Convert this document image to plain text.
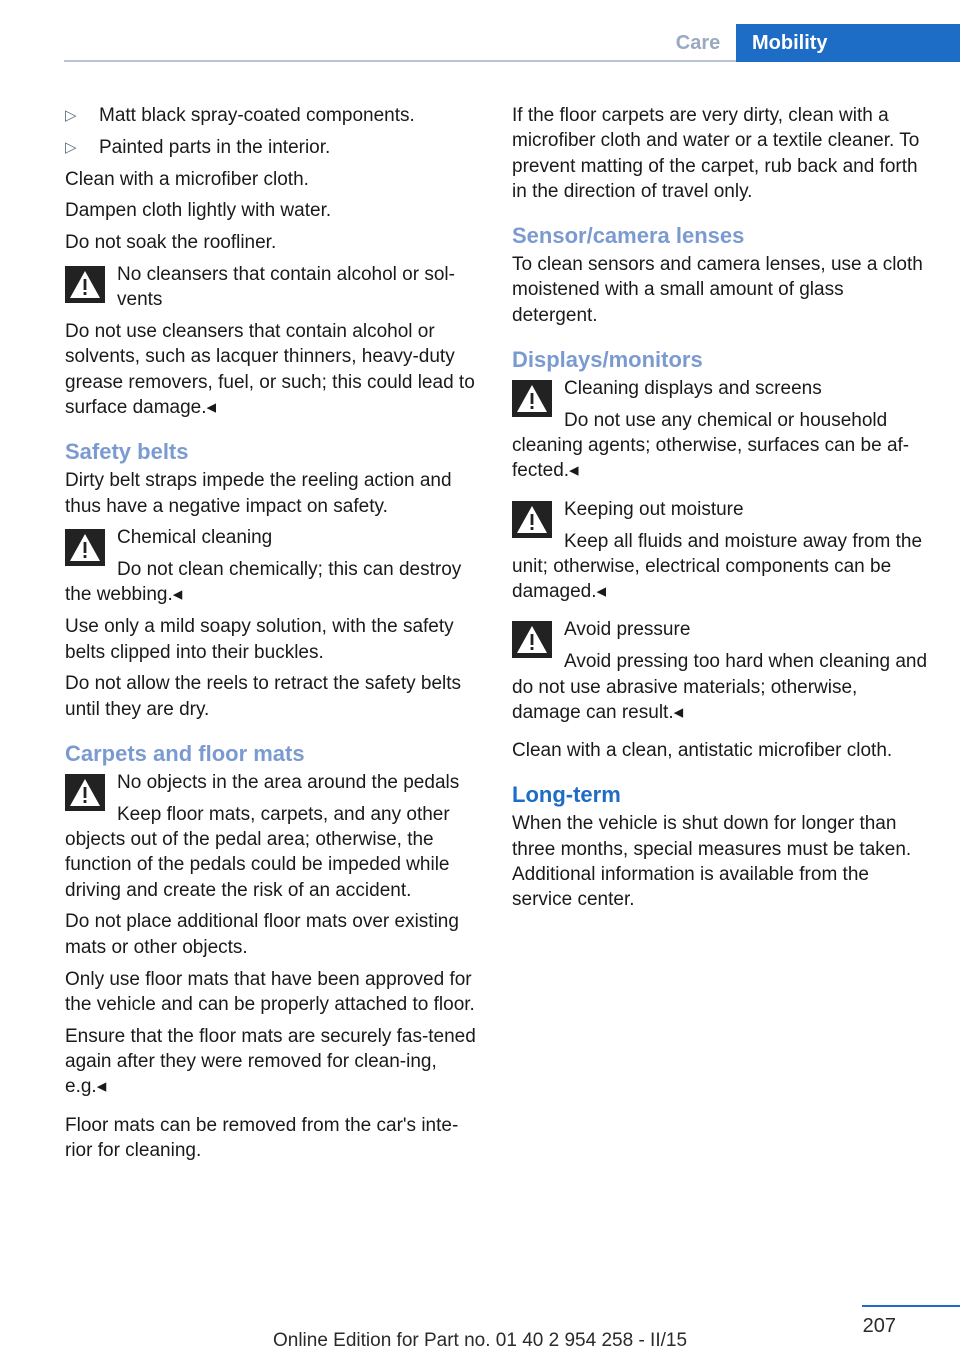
Care	Mobility
▷ Matt black spray-coated components.
▷ Painted parts in the interior.

Clean with a microfiber cloth.

Dampen cloth lightly with water.

Do not soak the roofliner.

No cleansers that contain alcohol or sol-vents

Do not use cleansers that contain alcohol or solvents, such as lacquer thinners, heavy-duty grease removers, fuel, or such; this could lead to surface damage.◂

Safety belts

Dirty belt straps impede the reeling action and thus have a negative impact on safety.

Chemical cleaning

Do not clean chemically; this can destroy the webbing.◂

Use only a mild soapy solution, with the safety belts clipped into their buckles.

Do not allow the reels to retract the safety belts until they are dry.

Carpets and floor mats

No objects in the area around the pedals

Keep floor mats, carpets, and any other objects out of the pedal area; otherwise, the function of the pedals could be impeded while driving and create the risk of an accident.

Do not place additional floor mats over existing mats or other objects.

Only use floor mats that have been approved for the vehicle and can be properly attached to floor.

Ensure that the floor mats are securely fas-tened again after they were removed for clean-ing, e.g.◂

Floor mats can be removed from the car's inte-rior for cleaning.

If the floor carpets are very dirty, clean with a microfiber cloth and water or a textile cleaner. To prevent matting of the carpet, rub back and forth in the direction of travel only.

Sensor/camera lenses

To clean sensors and camera lenses, use a cloth moistened with a small amount of glass detergent.

Displays/monitors

Cleaning displays and screens

Do not use any chemical or household cleaning agents; otherwise, surfaces can be af-fected.◂

Keeping out moisture

Keep all fluids and moisture away from the unit; otherwise, electrical components can be damaged.◂

Avoid pressure

Avoid pressing too hard when cleaning and do not use abrasive materials; otherwise, damage can result.◂

Clean with a clean, antistatic microfiber cloth.

Long-term

When the vehicle is shut down for longer than three months, special measures must be taken. Additional information is available from the service center.

207
Online Edition for Part no. 01 40 2 954 258 - II/15
